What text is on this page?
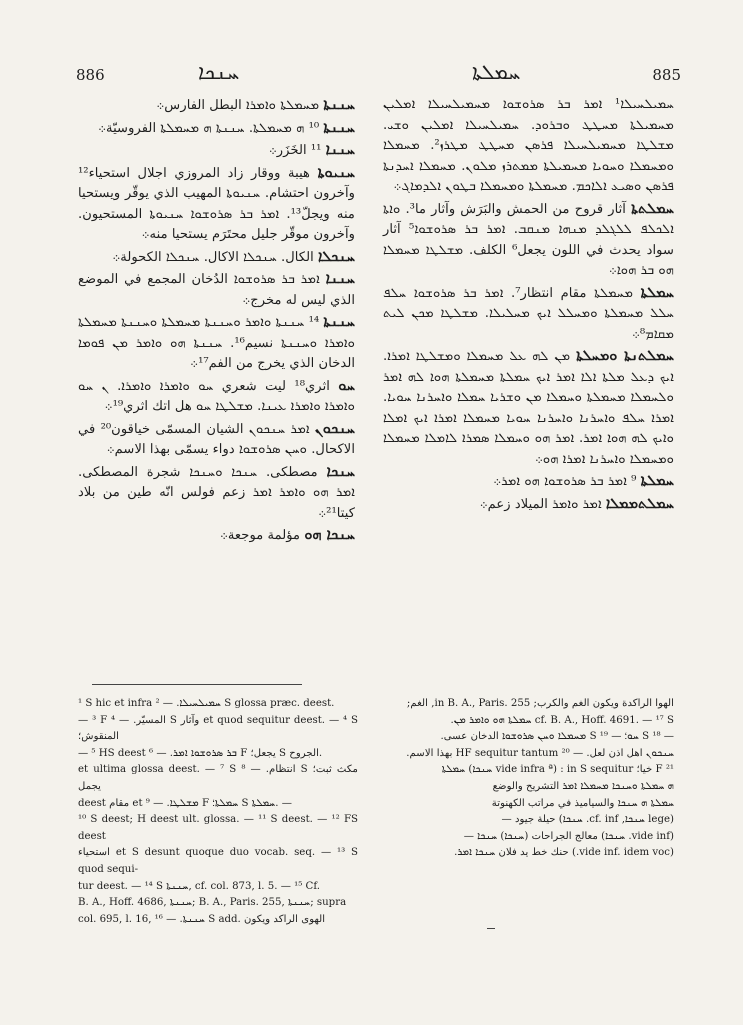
886	ܚܢܟܐ	ܚܡܠܬܐ	885
ܚܢܢܬܐ ܡܚܡܠܬܐ ܘܐܡܪܐ البطل الفارس܀
ܚܢܢܬܐ ¹⁰ ܗ ܡܚܡܠܬܐ. ܚܢܢܬܐ ܗ ܡܚܡܠܬܐ الفروسيّة܀
ܚܢܢܐ ¹¹ الخَزَر܀
ܚܢܝܘܬܐ هيبة ووقار زاد المروزي اجلال استحياء¹² وآخرون احتشام. ܚܢܝܘܬܐ المهيب الذي يوقّر ويستحيا منه ويجلّ¹³. ܐܡܪ ܒܪ ܣܪܘܫܘܐ ܚܢܝܘܬܐ المستحيون. وآخرون موقّر جليل محتَرَم يستحيا منه܀
ܚܢܟܠܐ الكال. ܚܢܟܠܐ الاكال. ܚܢܟܠܐ الكحولة܀
ܚܢܢܐ ܐܡܪ ܒܪ ܣܪܘܫܘܐ الدُخان المجمع في الموضع الذي ليس له مخرج܀
ܚܢܢܬܐ ¹⁴ ܚܢܢܬܐ ܘܐܡܪ ܘܚܢܢܬܐ ܡܚܡܠܬܐ ܘܚܢܢܬܐ ܡܚܡܠܬܐ ܘܐܡܪܐ ܘܚܢܢܬܐ نسيم¹⁶. ܚܢܢܬܐ ܗܘ ܘܐܡܪ ܡܢ ܦܘܡܐ الدخان الذي يخرج من الفم¹⁷܀
ܚܘ اثري¹⁸ ليت شعري ܚܘ ܘܐܡܪܐ ܘܐܡܪܐ. ܢ ܚܘ ܘܐܡܪܐ ܘܐܡܪܐ ܥܝܢܐ. ܡܫܠܛܐ ܚܘ هل اتك اثري¹⁹܀
ܚܢܟܘܢ ܐܡܪ ܚܢܟܘܢ الشيان المسمّى خياقون²⁰ في الاكحال. ܘܚܢ ܣܪܘܫܘܐ دواء يسمّى بهذا الاسم܀
ܚܢܟܐ مصطكى. ܚܢܟܐ ܘܚܢܟܐ شجرة المصطكى. ܐܡܪ ܗܘ ܘܐܡܪ ܐܡܪ زعم فولس انّه طين من بلاد كيتا²¹܀
ܚܢܟܐ ܗܘ مؤلمة موجعة܀
ܚܡܝܠܚܝܠܐ¹ ܐܡܪ ܒܪ ܣܪܘܫܘܐ ܡܚܡܝܠܚܝܠܐ ܐܡܠܝܢ ܡܚܡܝܠܬܐ ܡܚܛܛ ܘܒܪܘܕ. ܚܡܝܠܚܝܠܐ ܐܡܠܝܢ ܘܫܝ. ܡܫܠܛܐ ܡܚܡܝܠܚܝܠܐ ܦܪܣܢ ܡܚܛܛ ܡܛܪܙ². ܡܚܡܠܐ ܘܡܚܡܠܐ ܘܚܘܝܐ ܡܚܡܝܠܬܐ ܡܡܬܪܙ ܡܠܘܢ. ܡܚܡܠܐ ܐܚܕܢܬܐ ܦܪܣܢ ܘܣܝܥ ܐܠܐܟܡ. ܡܚܡܠܬܐ ܘܡܚܡܠܐ ܒܛܘܢ ܐܠܕܡܐܓ܀
ܚܡܠܬܬܐ آثار قروح من الحمش والبَرَش وآثار ما³. ܘܐܬܐ ܐܠܟܠܦ ܠܠܓܠܕ ܡܢܗܐ ܡܢܩܒ. ܐܡܪ ܒܪ ܣܪܘܫܘܐ⁵ آثار سواد يحدث في اللون يجعل⁶ الكلف. ܡܫܠܛܐ ܡܚܡܠܐ ܗܘ ܒܪ ܗܘܐ܀
ܚܡܠܬܐ ܡܚܡܠܬܐ مقام انتظار⁷. ܐܡܪ ܒܪ ܣܪܘܫܘܐ ܚܠܦ ܚܠܠ ܡܚܡܠܬܐ ܘܡܚܠܠ ܐܝܟ ܡܚܠܝܠܐ. ܡܫܠܛܐ ܡܟܢ ܠܝܬ ܡܩܐܡ⁸܀
ܚܡܠܬܢܬܐ ܘܡܚܠܬܐ ܡܢ ܠܗ ܥܠ ܡܚܡܠܐ ܘܡܫܠܛܐ ܐܡܪܐ. ܐܝܟ ܕܥܠ ܡܠܬܐ ܐܠܐ ܐܡܪ ܐܝܟ ܚܡܠܬܐ ܡܚܡܠܬܐ ܗܘܐ ܠܗ ܐܡܪ ܘܠܚܡܠܐ ܡܚܡܠܬܐ ܘܚܡܠܐ ܡܢ ܘܫܪܝܐ ܚܡܠܐ ܘܐܚܪܢܐ ܚܘܝܐ. ܐܡܪܐ ܚܠܦ ܘܐܚܪܢܐ ܘܐܚܪܢܐ ܚܘܝܐ ܡܚܡܠܐ ܐܡܪܐ ܐܝܟ ܐܡܠܐ ܘܐܝܟ ܠܗ ܗܘܐ ܐܡܪ. ܐܡܪ ܗܘ ܘܚܡܠܐ ܣܡܪܐ ܠܐܡܠܐ ܡܚܡܠܐ ܘܡܚܡܠܐ ܘܐܚܪܢܐ ܐܡܪܐ ܗܘ܀
ܚܡܠܬܐ ⁹ ܐܡܪ ܒܪ ܣܪܘܫܘܐ ܗܘ ܐܡܪ܀
ܚܡܠܬܡܡܠܐ ܐܡܪ ܘܐܡܪ الميلاد زعم܀
¹ S hic et infra ܚܡܝܠܚܝܠܐ. — ² S glossa præc. deest.
— ³ F المسيّر. — ⁴ S وآثار et quod sequitur deest. — ⁴ S المنقوش؛
— ⁵ HS deest ܒܪ ܣܪܘܫܘܐ ܐܡܪ. — ⁶ F يجعل؛ S الجروح.
et ultima glossa deest. — ⁷ S انتظام. — ⁸ S مكث ثبت؛ يجمل
deest مقام et ܡܫܠܛܐ. — ⁹ F ܚܡܠܬܐ؛ S ܚܡܠܬܐ. —
¹⁰ S deest; H deest ult. glossa. — ¹¹ S deest. — ¹² FS deest
استحياء et S desunt quoque duo vocab. seq. — ¹³ S quod sequi-
tur deest. — ¹⁴ S ܚܢܢܬܐ, cf. col. 873, l. 5. — ¹⁵ Cf.
B. A., Hoff. 4686, ܚܢܢܬܐ; B. A., Paris. 255, ܚܢܢܬܐ; supra
col. 695, l. 16, ܚܢܢܬܐ. — ¹⁶ S add. الهوى الراكد ويكون
الهوا الراكدة ويكون الغم والكرب; in B. A., Paris. 255, الغم;
cf. B. A., Hoff. 4691. — ¹⁷ S ܚܡܠܬܐ ܗܘ ܘܐܡܪ ܡܢ.
— ¹⁸ S ܚܘ؛ — ¹⁹ S ܡܚܡܠܐ ܘܚܢ ܣܪܘܫܘܐ الدخان عسى.
ܚܢܟܘܢ اهل اذن لعل. — ²⁰ HF sequitur tantum بهذا الاسم.
²¹ F خيا؛ in S sequitur : (vide infra ª ܚܢܟܐ) ܚܡܠܬܐ
ܗ ܚܡܠܬܐ ܘܚܢܟܐ ܡܚܡܠܐ ܐܡܪ التشريح والوضع
ܚܡܠܬܐ ܗ ܚܢܟܐ والسياميذ في مراتب الكهنوتة
(lege ܚܢܟܐ, cf. inf. ܚܢܟܐ) حيلة جيود —
(vide inf. ܚܢܟܐ) معالج الجراحات (ܚܢܟܐ) ܚܢܟܐ —
(vide inf. idem voc.) حنك خط يد فلان ܚܢܟܐ ܐܡܪ.
